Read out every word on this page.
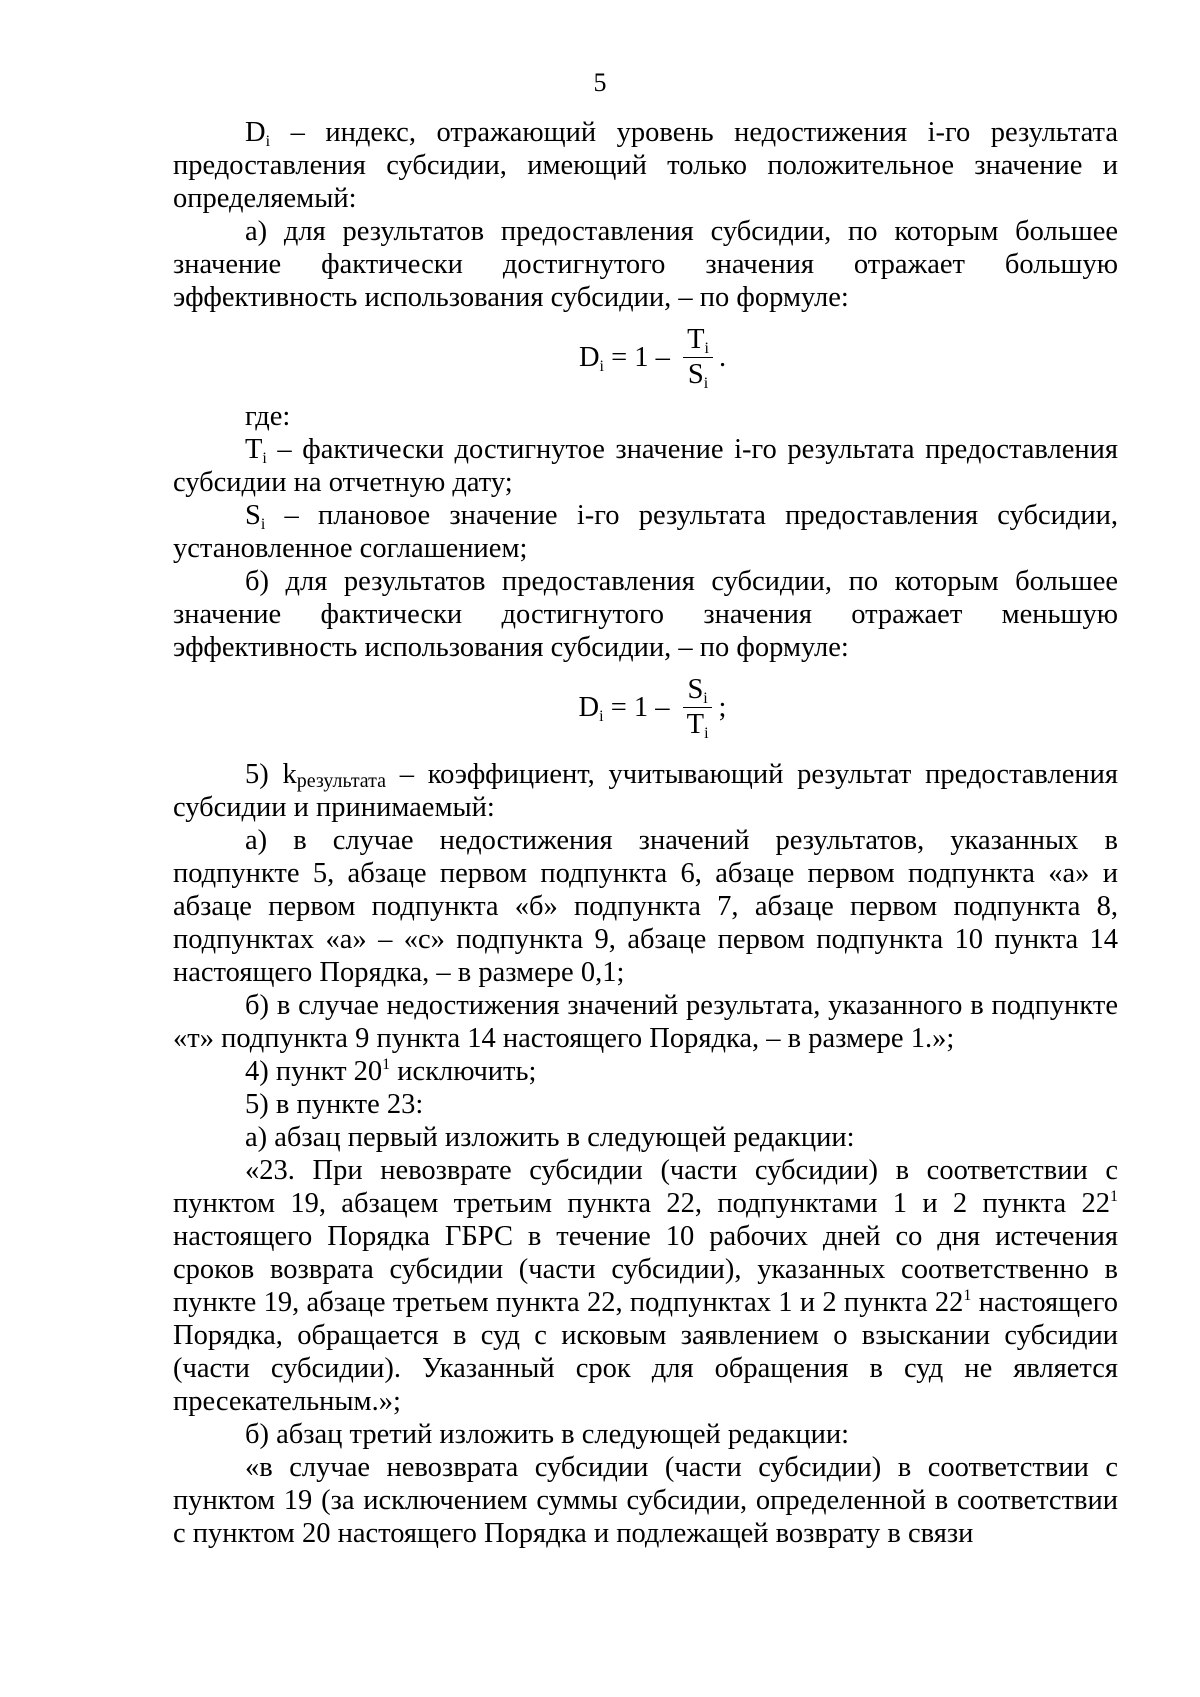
5

$D_i$ – индекс, отражающий уровень недостижения i-го результата предоставления субсидии, имеющий только положительное значение и определяемый:

а) для результатов предоставления субсидии, по которым большее значение фактически достигнутого значения отражает большую эффективность использования субсидии, – по формуле:

$D_i = 1 - \frac{T_i}{S_i}$ .

где:

$T_i$ – фактически достигнутое значение i-го результата предоставления субсидии на отчетную дату;

$S_i$ – плановое значение i-го результата предоставления субсидии, установленное соглашением;

б) для результатов предоставления субсидии, по которым большее значение фактически достигнутого значения отражает меньшую эффективность использования субсидии, – по формуле:

$D_i = 1 - \frac{S_i}{T_i}$ ;

5) kрезультата – коэффициент, учитывающий результат предоставления субсидии и принимаемый:

а) в случае недостижения значений результатов, указанных в подпункте 5, абзаце первом подпункта 6, абзаце первом подпункта «а» и абзаце первом подпункта «б» подпункта 7, абзаце первом подпункта 8, подпунктах «а» – «с» подпункта 9, абзаце первом подпункта 10 пункта 14 настоящего Порядка, – в размере 0,1;

б) в случае недостижения значений результата, указанного в подпункте «т» подпункта 9 пункта 14 настоящего Порядка, – в размере 1.»;

4) пункт $20^1$ исключить;

5) в пункте 23:

а) абзац первый изложить в следующей редакции:

«23. При невозврате субсидии (части субсидии) в соответствии с пунктом 19, абзацем третьим пункта 22, подпунктами 1 и 2 пункта $22^1$ настоящего Порядка ГБРС в течение 10 рабочих дней со дня истечения сроков возврата субсидии (части субсидии), указанных соответственно в пункте 19, абзаце третьем пункта 22, подпунктах 1 и 2 пункта $22^1$ настоящего Порядка, обращается в суд с исковым заявлением о взыскании субсидии (части субсидии). Указанный срок для обращения в суд не является пресекательным.»;

б) абзац третий изложить в следующей редакции:

«в случае невозврата субсидии (части субсидии) в соответствии с пунктом 19 (за исключением суммы субсидии, определенной в соответствии с пунктом 20 настоящего Порядка и подлежащей возврату в связи
